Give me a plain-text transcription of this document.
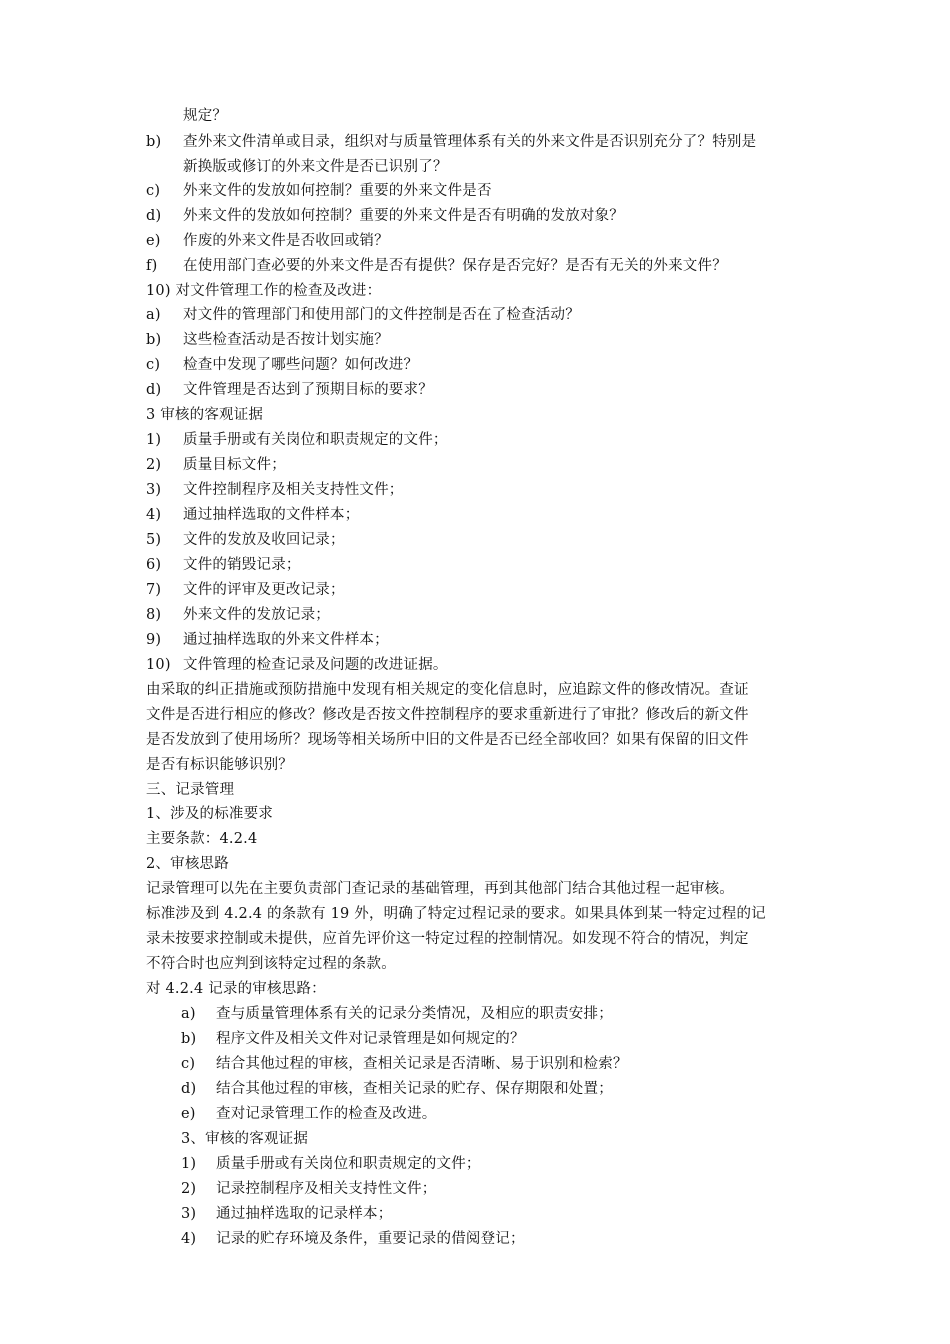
规定？
b) 查外来文件清单或目录，组织对与质量管理体系有关的外来文件是否识别充分了？特别是
新换版或修订的外来文件是否已识别了？
c) 外来文件的发放如何控制？重要的外来文件是否
d) 外来文件的发放如何控制？重要的外来文件是否有明确的发放对象？
e) 作废的外来文件是否收回或销？
f) 在使用部门查必要的外来文件是否有提供？保存是否完好？是否有无关的外来文件？
10) 对文件管理工作的检查及改进：
a) 对文件的管理部门和使用部门的文件控制是否在了检查活动？
b) 这些检查活动是否按计划实施？
c) 检查中发现了哪些问题？如何改进？
d) 文件管理是否达到了预期目标的要求？
3 审核的客观证据
1) 质量手册或有关岗位和职责规定的文件；
2) 质量目标文件；
3) 文件控制程序及相关支持性文件；
4) 通过抽样选取的文件样本；
5) 文件的发放及收回记录；
6) 文件的销毁记录；
7) 文件的评审及更改记录；
8) 外来文件的发放记录；
9) 通过抽样选取的外来文件样本；
10) 文件管理的检查记录及问题的改进证据。
由采取的纠正措施或预防措施中发现有相关规定的变化信息时，应追踪文件的修改情况。查证
文件是否进行相应的修改？修改是否按文件控制程序的要求重新进行了审批？修改后的新文件
是否发放到了使用场所？现场等相关场所中旧的文件是否已经全部收回？如果有保留的旧文件
是否有标识能够识别？
三、记录管理
1、涉及的标准要求
主要条款：4.2.4
2、审核思路
记录管理可以先在主要负责部门查记录的基础管理，再到其他部门结合其他过程一起审核。
标准涉及到 4.2.4 的条款有 19 外，明确了特定过程记录的要求。如果具体到某一特定过程的记
录未按要求控制或未提供，应首先评价这一特定过程的控制情况。如发现不符合的情况，判定
不符合时也应判到该特定过程的条款。
对 4.2.4 记录的审核思路：
a) 查与质量管理体系有关的记录分类情况，及相应的职责安排；
b) 程序文件及相关文件对记录管理是如何规定的？
c) 结合其他过程的审核，查相关记录是否清晰、易于识别和检索？
d) 结合其他过程的审核，查相关记录的贮存、保存期限和处置；
e) 查对记录管理工作的检查及改进。
3、审核的客观证据
1) 质量手册或有关岗位和职责规定的文件；
2) 记录控制程序及相关支持性文件；
3) 通过抽样选取的记录样本；
4) 记录的贮存环境及条件，重要记录的借阅登记；
